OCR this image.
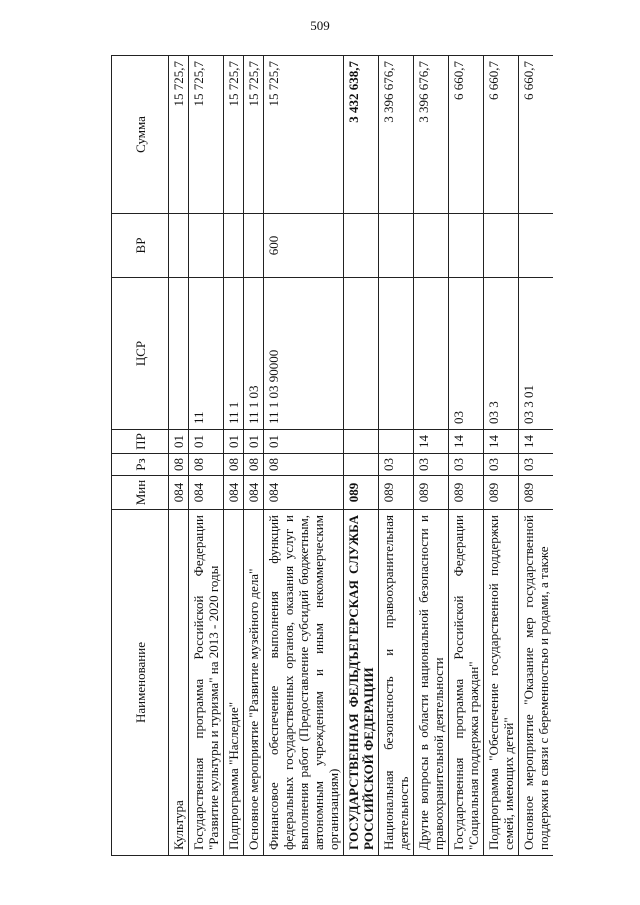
509
Наименование	Мин	Рз	ПР	ЦСР	ВР	Сумма
Культура	084	08	01			15 725,7
Государственная программа Российской Федерации "Развитие культуры и туризма" на 2013 - 2020 годы	084	08	01	11		15 725,7
Подпрограмма "Наследие"	084	08	01	11 1		15 725,7
Основное мероприятие "Развитие музейного дела"	084	08	01	11 1 03		15 725,7
Финансовое обеспечение выполнения функций федеральных государственных органов, оказания услуг и выполнения работ (Предоставление субсидий бюджетным, автономным учреждениям и иным некоммерческим организациям)	084	08	01	11 1 03 90000	600	15 725,7
ГОСУДАРСТВЕННАЯ ФЕЛЬДЪЕГЕРСКАЯ СЛУЖБА РОССИЙСКОЙ ФЕДЕРАЦИИ	089					3 432 638,7
Национальная безопасность и правоохранительная деятельность	089	03				3 396 676,7
Другие вопросы в области национальной безопасности и правоохранительной деятельности	089	03	14			3 396 676,7
Государственная программа Российской Федерации "Социальная поддержка граждан"	089	03	14	03		6 660,7
Подпрограмма "Обеспечение государственной поддержки семей, имеющих детей"	089	03	14	03 3		6 660,7
Основное мероприятие "Оказание мер государственной поддержки в связи с беременностью и родами, а также	089	03	14	03 3 01		6 660,7
